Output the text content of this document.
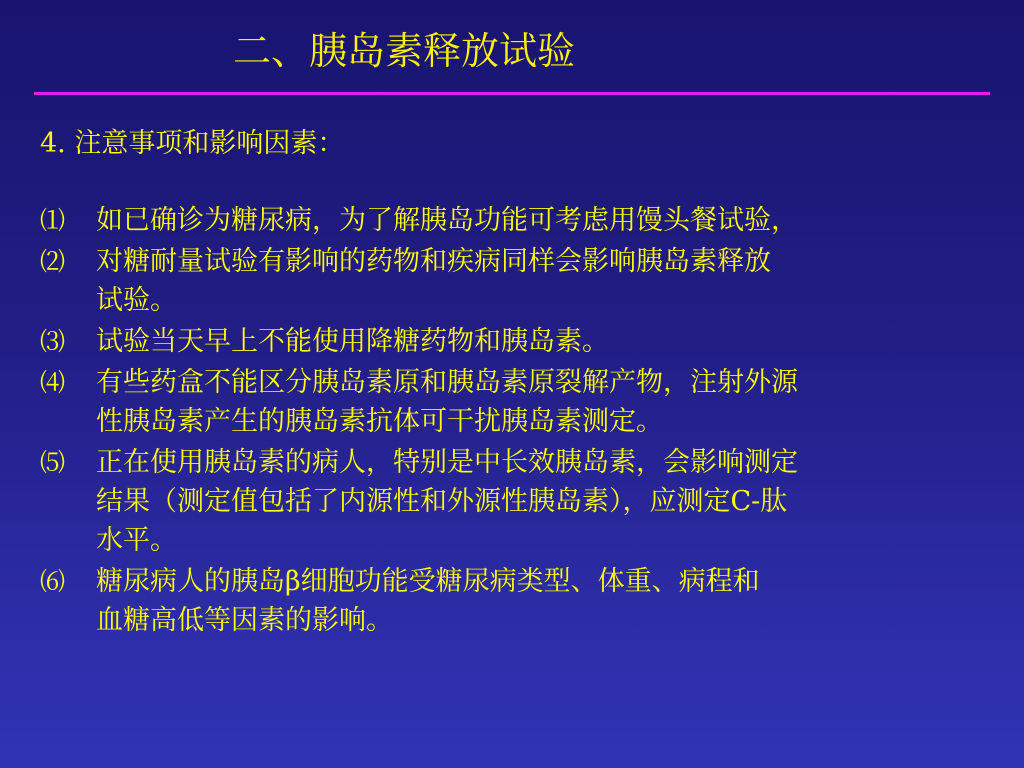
二、胰岛素释放试验
4. 注意事项和影响因素：
⑴	如已确诊为糖尿病，为了解胰岛功能可考虑用馒头餐试验，
⑵	对糖耐量试验有影响的药物和疾病同样会影响胰岛素释放
试验。
⑶	试验当天早上不能使用降糖药物和胰岛素。
⑷	有些药盒不能区分胰岛素原和胰岛素原裂解产物，注射外源
性胰岛素产生的胰岛素抗体可干扰胰岛素测定。
⑸	正在使用胰岛素的病人，特别是中长效胰岛素，会影响测定
结果（测定值包括了内源性和外源性胰岛素），应测定C-肽
水平。
⑹	糖尿病人的胰岛β细胞功能受糖尿病类型、体重、病程和
血糖高低等因素的影响。
